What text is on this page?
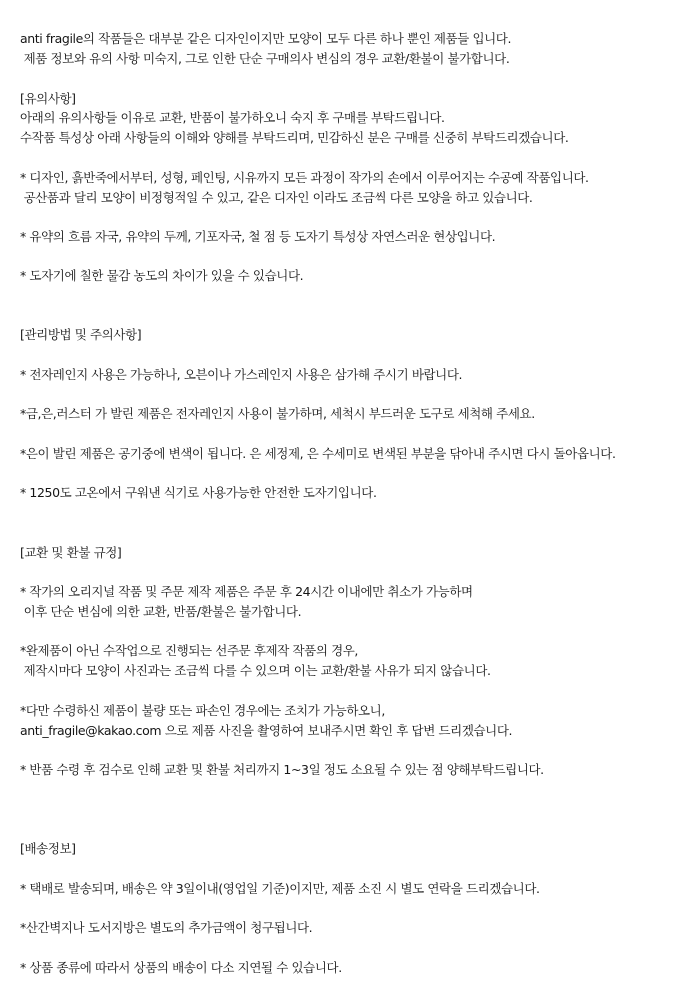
anti fragile의 작품들은 대부분 같은 디자인이지만 모양이 모두 다른 하나 뿐인 제품들 입니다.
제품 정보와 유의 사항 미숙지, 그로 인한 단순 구매의사 변심의 경우 교환/환불이 불가합니다.
[유의사항]
아래의 유의사항들 이유로 교환, 반품이 불가하오니 숙지 후 구매를 부탁드립니다.
수작품 특성상 아래 사항들의 이해와 양해를 부탁드리며, 민감하신 분은 구매를 신중히 부탁드리겠습니다.
* 디자인, 흙반죽에서부터, 성형, 페인팅, 시유까지 모든 과정이 작가의 손에서 이루어지는 수공예 작품입니다.
공산품과 달리 모양이 비정형적일 수 있고, 같은 디자인 이라도 조금씩 다른 모양을 하고 있습니다.
* 유약의 흐름 자국, 유약의 두께, 기포자국, 철 점 등 도자기 특성상 자연스러운 현상입니다.
* 도자기에 칠한 물감 농도의 차이가 있을 수 있습니다.
[관리방법 및 주의사항]
* 전자레인지 사용은 가능하나, 오븐이나 가스레인지 사용은 삼가해 주시기 바랍니다.
*금,은,러스터 가 발린 제품은 전자레인지 사용이 불가하며, 세척시 부드러운 도구로 세척해 주세요.
*은이 발린 제품은 공기중에 변색이 됩니다. 은 세정제, 은 수세미로 변색된 부분을 닦아내 주시면 다시 돌아옵니다.
* 1250도 고온에서 구워낸 식기로 사용가능한 안전한 도자기입니다.
[교환 및 환불 규정]
* 작가의 오리지널 작품 및 주문 제작 제품은 주문 후 24시간 이내에만 취소가 가능하며
이후 단순 변심에 의한 교환, 반품/환불은 불가합니다.
*완제품이 아닌 수작업으로 진행되는 선주문 후제작 작품의 경우,
제작시마다 모양이 사진과는 조금씩 다를 수 있으며 이는 교환/환불 사유가 되지 않습니다.
*다만 수령하신 제품이 불량 또는 파손인 경우에는 조치가 가능하오니,
anti_fragile@kakao.com 으로 제품 사진을 촬영하여 보내주시면 확인 후 답변 드리겠습니다.
* 반품 수령 후 검수로 인해 교환 및 환불 처리까지 1~3일 정도 소요될 수 있는 점 양해부탁드립니다.
[배송정보]
* 택배로 발송되며, 배송은 약 3일이내(영업일 기준)이지만, 제품 소진 시 별도 연락을 드리겠습니다.
*산간벽지나 도서지방은 별도의 추가금액이 청구됩니다.
* 상품 종류에 따라서 상품의 배송이 다소 지연될 수 있습니다.
